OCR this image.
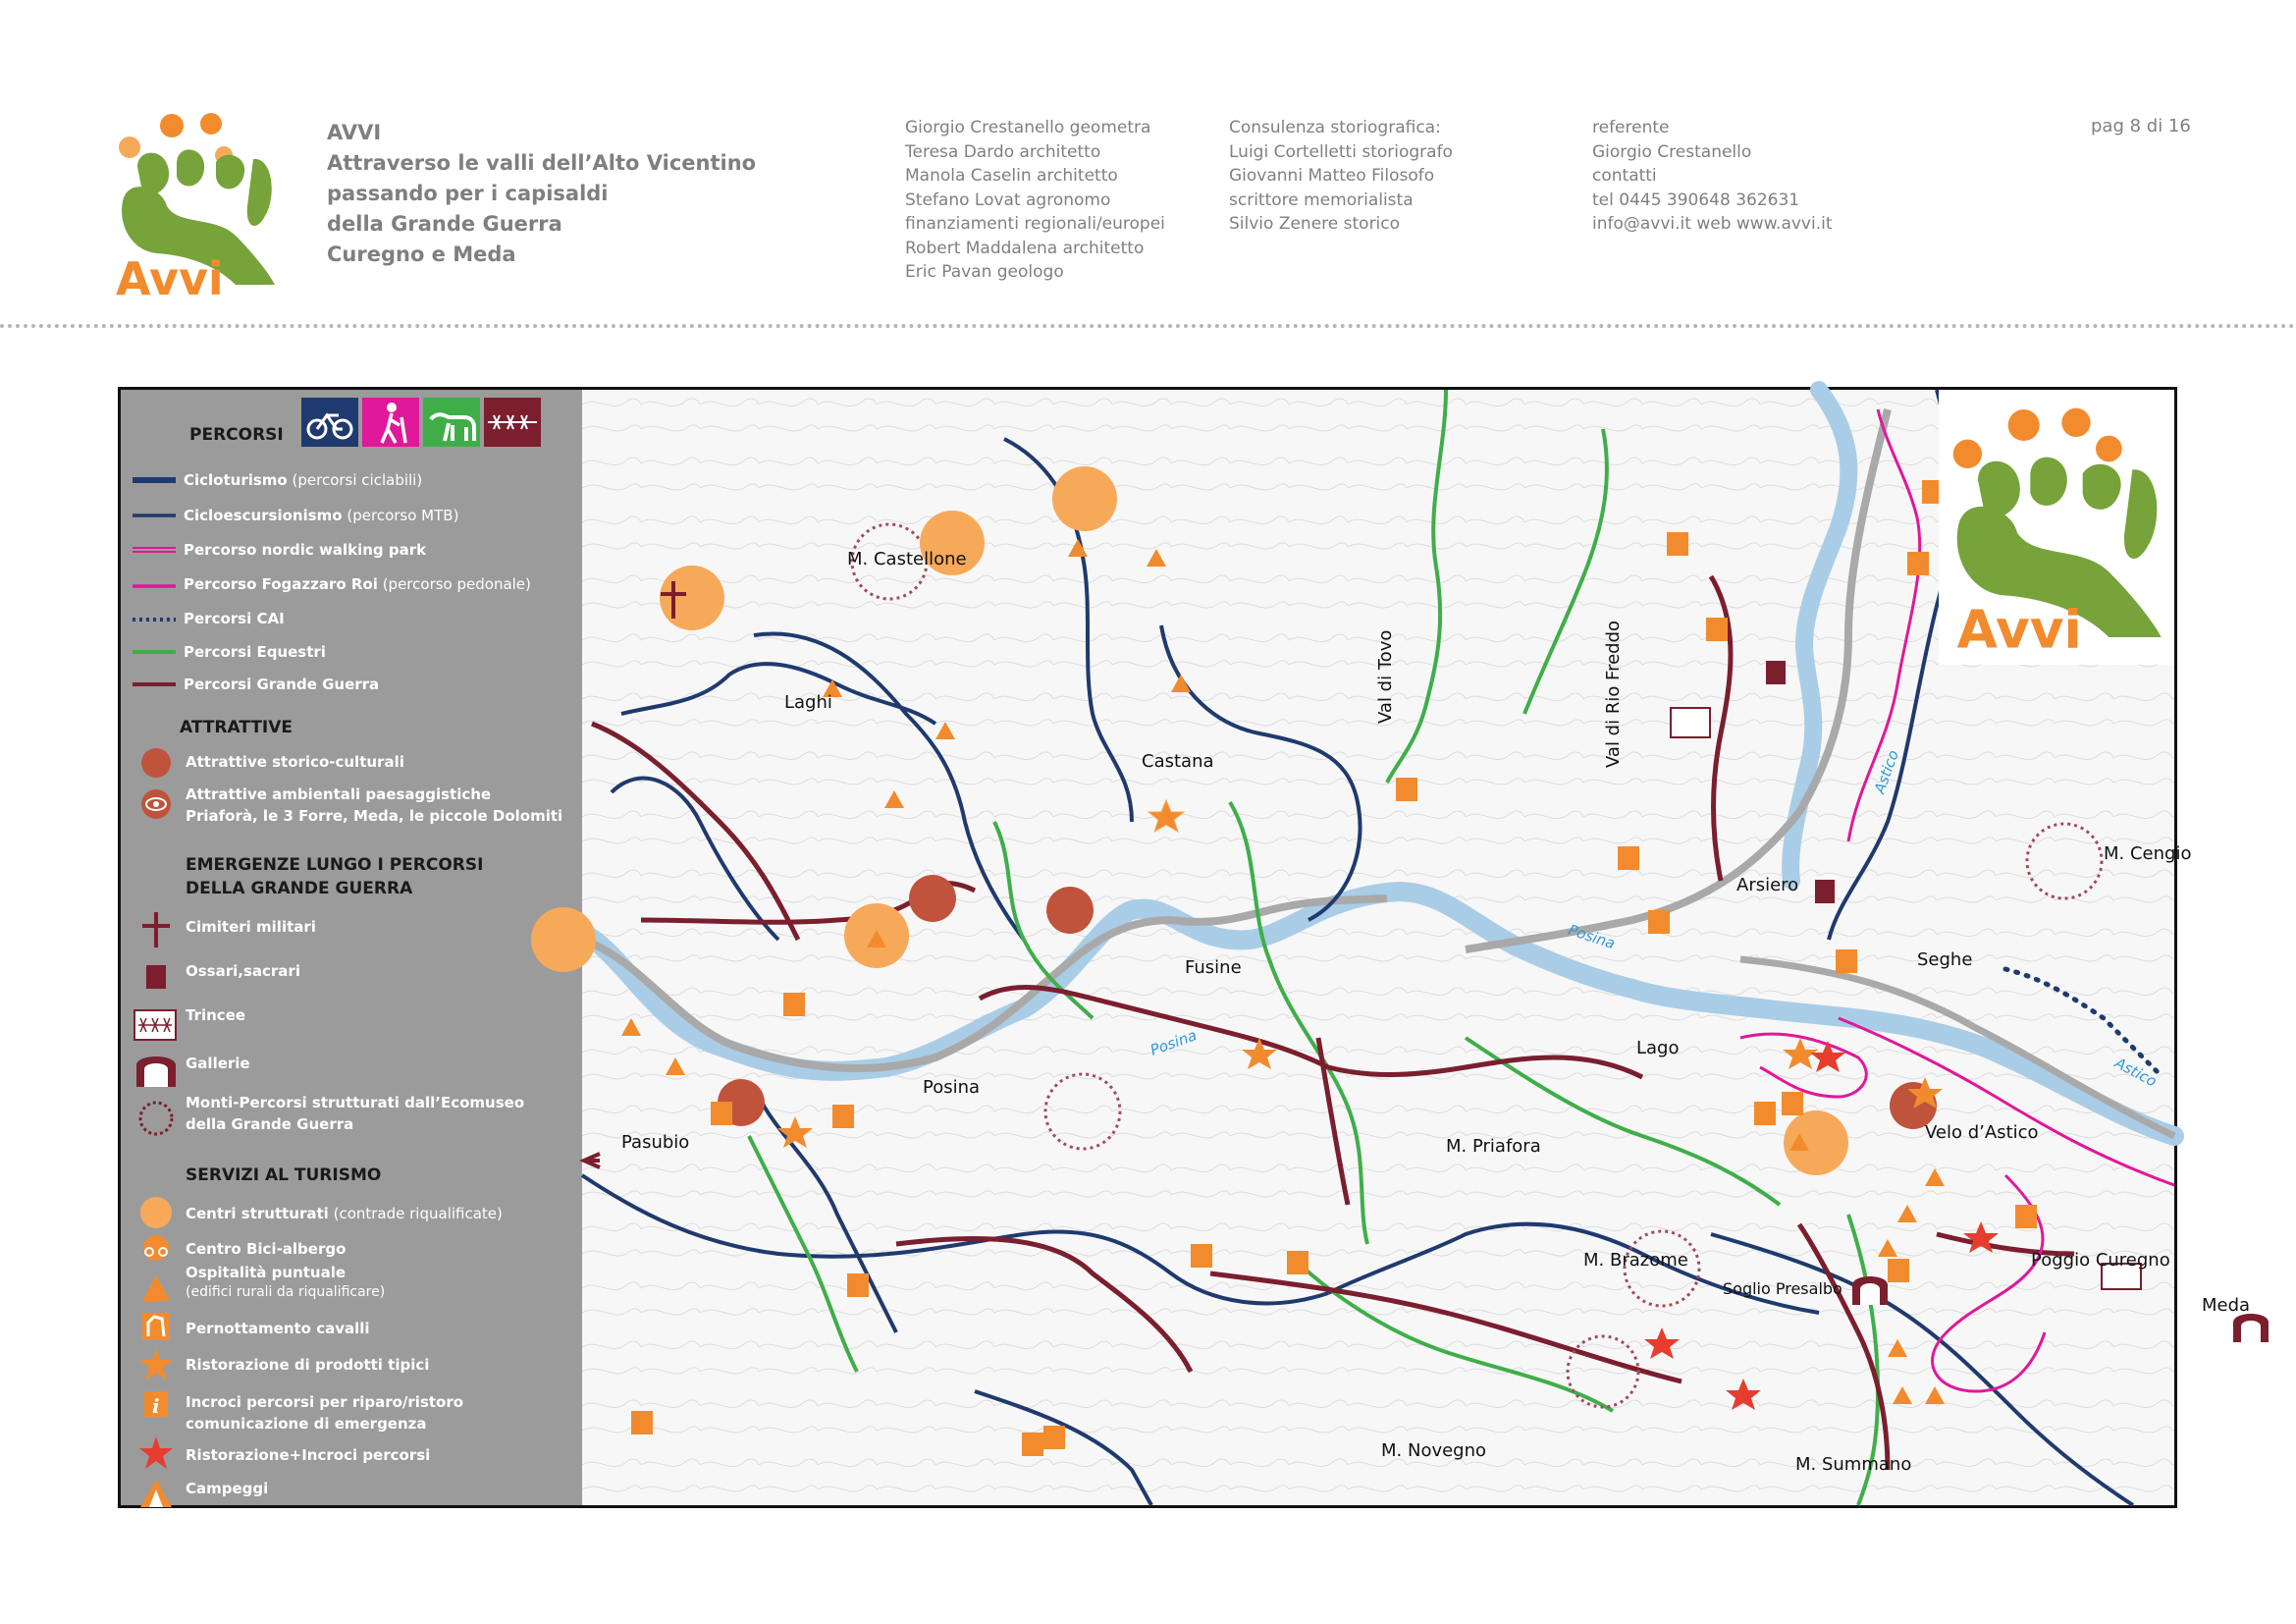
Avvi
AVVI
Attraverso le valli dell’Alto Vicentino
passando per i capisaldi
della Grande Guerra
Curegno e Meda
Giorgio Crestanello geometra
Teresa Dardo architetto
Manola Caselin architetto
Stefano Lovat agronomo
finanziamenti regionali/europei
Robert Maddalena architetto
Eric Pavan geologo
Consulenza storiografica:
Luigi Cortelletti storiografo
Giovanni Matteo Filosofo
scrittore memorialista
Silvio Zenere storico
referente
Giorgio Crestanello
contatti
tel 0445 390648 362631
info@avvi.it web www.avvi.it
pag 8 di 16
PERCORSI
Cicloturismo (percorsi ciclabili)
Cicloescursionismo (percorso MTB)
Percorso nordic walking park
Percorso Fogazzaro Roi (percorso pedonale)
Percorsi CAI
Percorsi Equestri
Percorsi Grande Guerra
ATTRATTIVE
Attrattive storico-culturali
Attrattive ambientali paesaggistiche
Priaforà, le 3 Forre, Meda, le piccole Dolomiti
EMERGENZE LUNGO I PERCORSI
DELLA GRANDE GUERRA
Cimiteri militari
Ossari,sacrari
Trincee
Gallerie
Monti-Percorsi strutturati dall’Ecomuseo
della Grande Guerra
SERVIZI AL TURISMO
i
Centri strutturati (contrade riqualificate)
Centro Bici-albergo
Ospitalità puntuale
(edifici rurali da riqualificare)
Pernottamento cavalli
Ristorazione di prodotti tipici
Incroci percorsi per riparo/ristoro
comunicazione di emergenza
Ristorazione+Incroci percorsi
Campeggi
M. Castellone
Laghi
Castana
Val di Tovo	Val di Rio Freddo
Fusine
Posina
Pasubio
Arsiero
Seghe
M. Cengio
Lago
Velo d’Astico
M. Priafora
M. Brazome
Soglio Presalbo
Poggio Curegno
Meda
M. Novegno
M. Summano
Posina
Posina
Astico
Astico
Avvi
